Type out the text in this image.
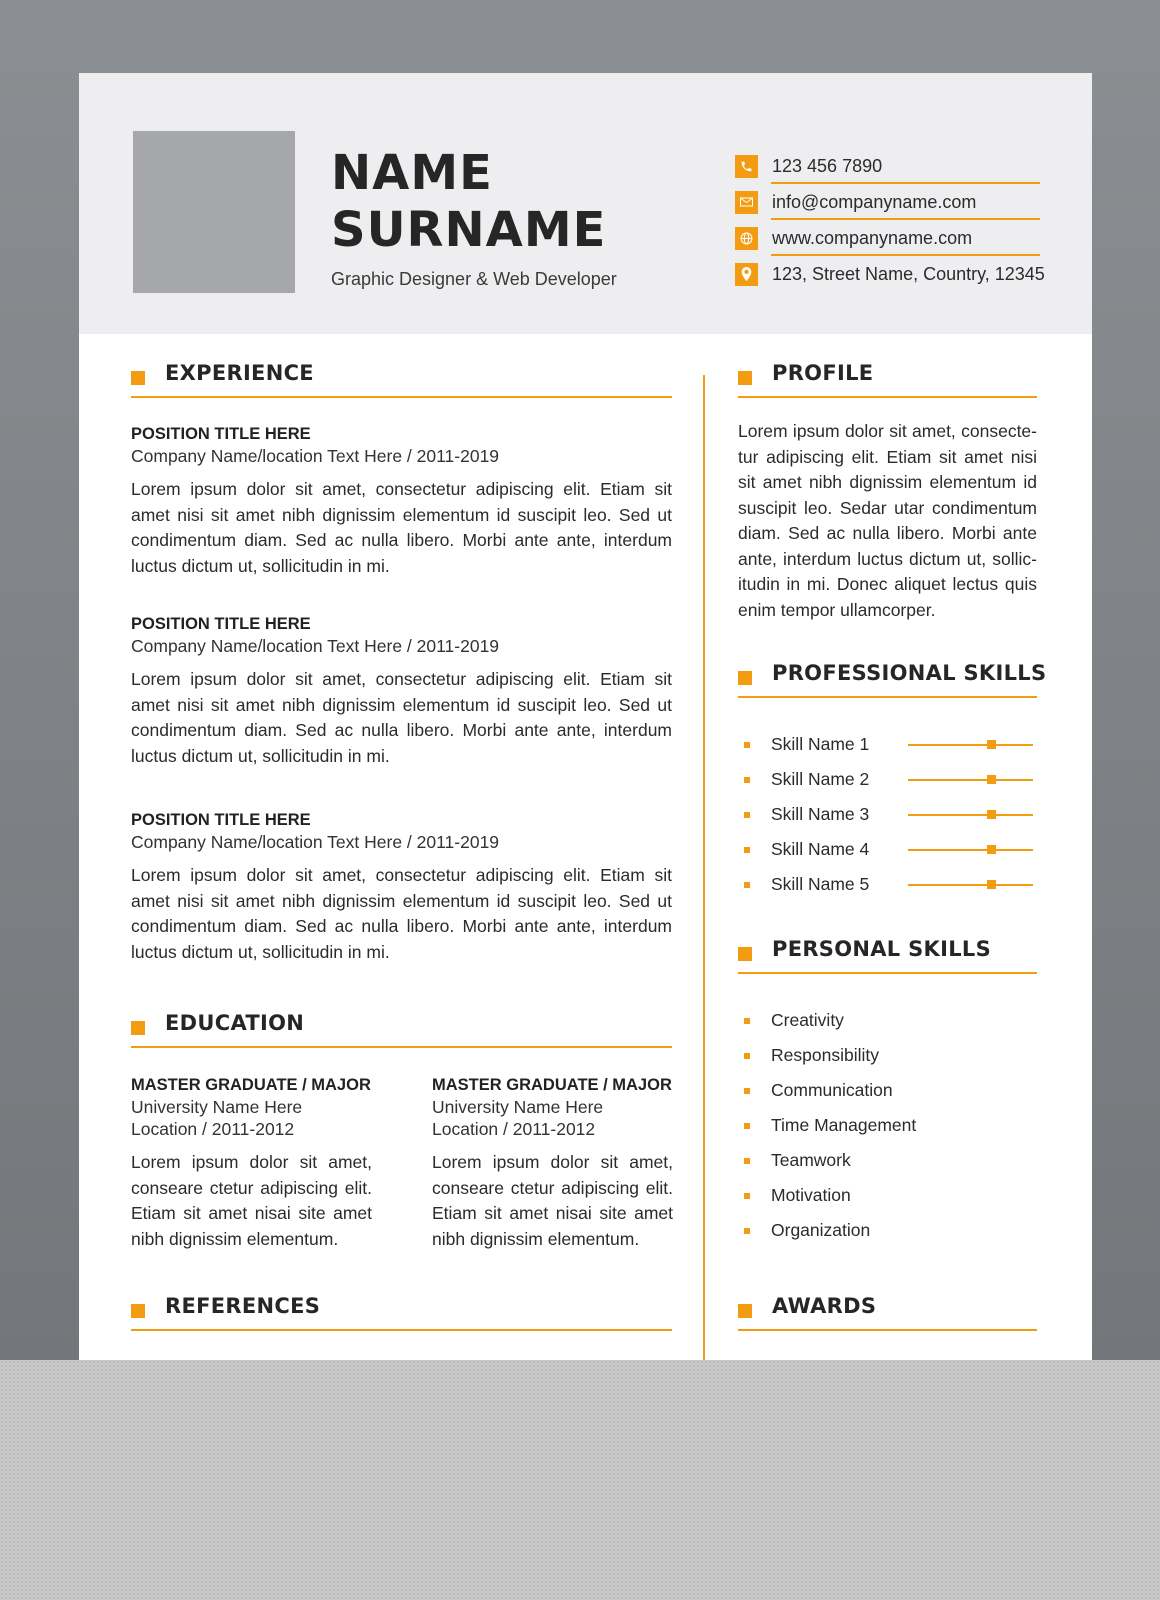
NAME
SURNAME
Graphic Designer & Web Developer
123 456 7890
info@companyname.com
www.companyname.com
123, Street Name, Country, 12345
EXPERIENCE
POSITION TITLE HERE
Company Name/location Text Here / 2011-2019
Lorem ipsum dolor sit amet, consectetur adipiscing elit. Etiam sit amet nisi sit amet nibh dignissim elementum id suscipit leo. Sed ut condimentum diam. Sed ac nulla libero. Morbi ante ante, interdum luctus dictum ut, sollicitudin in mi.
POSITION TITLE HERE
Company Name/location Text Here / 2011-2019
Lorem ipsum dolor sit amet, consectetur adipiscing elit. Etiam sit amet nisi sit amet nibh dignissim elementum id suscipit leo. Sed ut condimentum diam. Sed ac nulla libero. Morbi ante ante, interdum luctus dictum ut, sollicitudin in mi.
POSITION TITLE HERE
Company Name/location Text Here / 2011-2019
Lorem ipsum dolor sit amet, consectetur adipiscing elit. Etiam sit amet nisi sit amet nibh dignissim elementum id suscipit leo. Sed ut condimentum diam. Sed ac nulla libero. Morbi ante ante, interdum luctus dictum ut, sollicitudin in mi.
EDUCATION
MASTER GRADUATE / MAJOR
University Name Here
Location / 2011-2012
Lorem ipsum dolor sit amet, conseare ctetur adipiscing elit. Etiam sit amet nisai site amet nibh dignissim elementum.
MASTER GRADUATE / MAJOR
University Name Here
Location / 2011-2012
Lorem ipsum dolor sit amet, conseare ctetur adipiscing elit. Etiam sit amet nisai site amet nibh dignissim elementum.
REFERENCES
PROFILE
Lorem ipsum dolor sit amet, consecte-tur adipiscing elit. Etiam sit amet nisi sit amet nibh dignissim elementum id suscipit leo. Sedar utar condimentum diam. Sed ac nulla libero. Morbi ante ante, interdum luctus dictum ut, sollic-itudin in mi. Donec aliquet lectus quis enim tempor ullamcorper.
PROFESSIONAL SKILLS
Skill Name 1
Skill Name 2
Skill Name 3
Skill Name 4
Skill Name 5
PERSONAL SKILLS
Creativity
Responsibility
Communication
Time Management
Teamwork
Motivation
Organization
AWARDS
